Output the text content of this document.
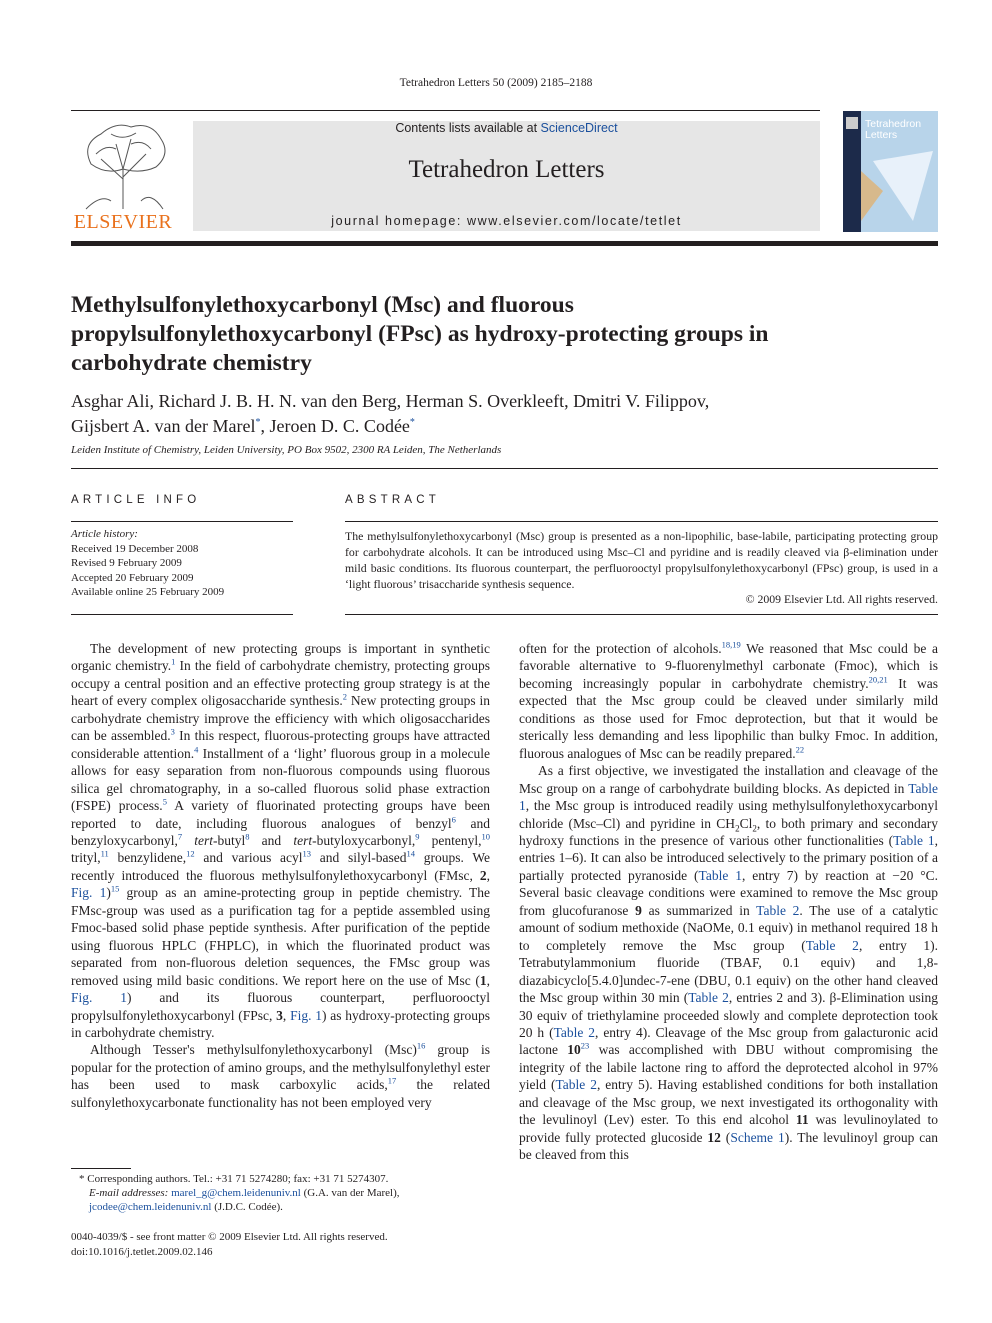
Tetrahedron Letters 50 (2009) 2185–2188
ELSEVIER
Contents lists available at ScienceDirect
Tetrahedron Letters
journal homepage: www.elsevier.com/locate/tetlet
Tetrahedron Letters
Methylsulfonylethoxycarbonyl (Msc) and fluorous propylsulfonylethoxycarbonyl (FPsc) as hydroxy-protecting groups in carbohydrate chemistry
Asghar Ali, Richard J. B. H. N. van den Berg, Herman S. Overkleeft, Dmitri V. Filippov,
Gijsbert A. van der Marel*, Jeroen D. C. Codée*
Leiden Institute of Chemistry, Leiden University, PO Box 9502, 2300 RA Leiden, The Netherlands
ARTICLE INFO
Article history:
Received 19 December 2008
Revised 9 February 2009
Accepted 20 February 2009
Available online 25 February 2009
ABSTRACT

The methylsulfonylethoxycarbonyl (Msc) group is presented as a non-lipophilic, base-labile, participating protecting group for carbohydrate alcohols. It can be introduced using Msc–Cl and pyridine and is readily cleaved via β-elimination under mild basic conditions. Its fluorous counterpart, the perfluorooctyl propylsulfonylethoxycarbonyl (FPsc) group, is used in a ‘light fluorous’ trisaccharide synthesis sequence.

© 2009 Elsevier Ltd. All rights reserved.

The development of new protecting groups is important in synthetic organic chemistry.$^1$ In the field of carbohydrate chemistry, protecting groups occupy a central position and an effective protecting group strategy is at the heart of every complex oligosaccharide synthesis.$^2$ New protecting groups in carbohydrate chemistry improve the efficiency with which oligosaccharides can be assembled.$^3$ In this respect, fluorous-protecting groups have attracted considerable attention.$^4$ Installment of a ‘light’ fluorous group in a molecule allows for easy separation from non-fluorous compounds using fluorous silica gel chromatography, in a so-called fluorous solid phase extraction (FSPE) process.$^5$ A variety of fluorinated protecting groups have been reported to date, including fluorous analogues of benzyl$^6$ and benzyloxycarbonyl,$^7$ tert-butyl$^8$ and tert-butyloxycarbonyl,$^9$ pentenyl,$^{10}$ trityl,$^{11}$ benzylidene,$^{12}$ and various acyl$^{13}$ and silyl-based$^{14}$ groups. We recently introduced the fluorous methylsulfonylethoxycarbonyl (FMsc, 2, Fig. 1)$^{15}$ group as an amine-protecting group in peptide chemistry. The FMsc-group was used as a purification tag for a peptide assembled using Fmoc-based solid phase peptide synthesis. After purification of the peptide using fluorous HPLC (FHPLC), in which the fluorinated product was separated from non-fluorous deletion sequences, the FMsc group was removed using mild basic conditions. We report here on the use of Msc (1, Fig. 1) and its fluorous counterpart, perfluorooctyl propylsulfonylethoxycarbonyl (FPsc, 3, Fig. 1) as hydroxy-protecting groups in carbohydrate chemistry.

Although Tesser's methylsulfonylethoxycarbonyl (Msc)$^{16}$ group is popular for the protection of amino groups, and the methylsulfonylethyl ester has been used to mask carboxylic acids,$^{17}$ the related sulfonylethoxycarbonate functionality has not been employed very

often for the protection of alcohols.$^{18,19}$ We reasoned that Msc could be a favorable alternative to 9-fluorenylmethyl carbonate (Fmoc), which is becoming increasingly popular in carbohydrate chemistry.$^{20,21}$ It was expected that the Msc group could be cleaved under similarly mild conditions as those used for Fmoc deprotection, but that it would be sterically less demanding and less lipophilic than bulky Fmoc. In addition, fluorous analogues of Msc can be readily prepared.$^{22}$

As a first objective, we investigated the installation and cleavage of the Msc group on a range of carbohydrate building blocks. As depicted in Table 1, the Msc group is introduced readily using methylsulfonylethoxycarbonyl chloride (Msc–Cl) and pyridine in $CH_2Cl_2$, to both primary and secondary hydroxy functions in the presence of various other functionalities (Table 1, entries 1–6). It can also be introduced selectively to the primary position of a partially protected pyranoside (Table 1, entry 7) by reaction at −20 °C. Several basic cleavage conditions were examined to remove the Msc group from glucofuranose 9 as summarized in Table 2. The use of a catalytic amount of sodium methoxide (NaOMe, 0.1 equiv) in methanol required 18 h to completely remove the Msc group (Table 2, entry 1). Tetrabutylammonium fluoride (TBAF, 0.1 equiv) and 1,8-diazabicyclo[5.4.0]undec-7-ene (DBU, 0.1 equiv) on the other hand cleaved the Msc group within 30 min (Table 2, entries 2 and 3). β-Elimination using 30 equiv of triethylamine proceeded slowly and complete deprotection took 20 h (Table 2, entry 4). Cleavage of the Msc group from galacturonic acid lactone $10^{23}$ was accomplished with DBU without compromising the integrity of the labile lactone ring to afford the deprotected alcohol in 97% yield (Table 2, entry 5). Having established conditions for both installation and cleavage of the Msc group, we next investigated its orthogonality with the levulinoyl (Lev) ester. To this end alcohol 11 was levulinoylated to provide fully protected glucoside 12 (Scheme 1). The levulinoyl group can be cleaved from this

* Corresponding authors. Tel.: +31 71 5274280; fax: +31 71 5274307.
E-mail addresses: marel_g@chem.leidenuniv.nl (G.A. van der Marel), jcodee@chem.leidenuniv.nl (J.D.C. Codée).
0040-4039/$ - see front matter © 2009 Elsevier Ltd. All rights reserved.
doi:10.1016/j.tetlet.2009.02.146
